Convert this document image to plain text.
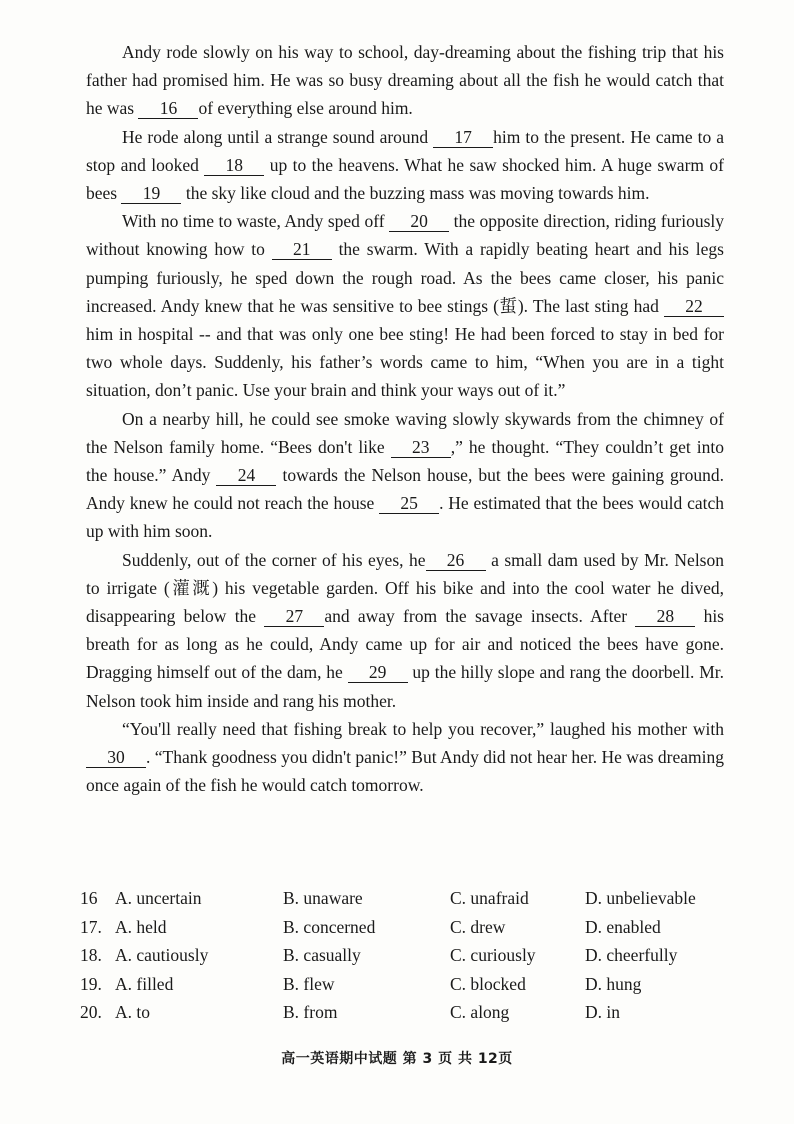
Andy rode slowly on his way to school, day-dreaming about the fishing trip that his father had promised him. He was so busy dreaming about all the fish he would catch that he was 16 of everything else around him.

He rode along until a strange sound around 17 him to the present. He came to a stop and looked 18 up to the heavens. What he saw shocked him. A huge swarm of bees 19 the sky like cloud and the buzzing mass was moving towards him.

With no time to waste, Andy sped off 20 the opposite direction, riding furiously without knowing how to 21 the swarm. With a rapidly beating heart and his legs pumping furiously, he sped down the rough road. As the bees came closer, his panic increased. Andy knew that he was sensitive to bee stings (蜇). The last sting had 22 him in hospital -- and that was only one bee sting! He had been forced to stay in bed for two whole days. Suddenly, his father’s words came to him, “When you are in a tight situation, don’t panic. Use your brain and think your ways out of it.”

On a nearby hill, he could see smoke waving slowly skywards from the chimney of the Nelson family home. “Bees don't like 23 ,” he thought. “They couldn’t get into the house.” Andy 24 towards the Nelson house, but the bees were gaining ground. Andy knew he could not reach the house 25 . He estimated that the bees would catch up with him soon.

Suddenly, out of the corner of his eyes, he 26 a small dam used by Mr. Nelson to irrigate (灌溉) his vegetable garden. Off his bike and into the cool water he dived, disappearing below the 27 and away from the savage insects. After 28 his breath for as long as he could, Andy came up for air and noticed the bees have gone. Dragging himself out of the dam, he 29 up the hilly slope and rang the doorbell. Mr. Nelson took him inside and rang his mother.

“You'll really need that fishing break to help you recover,” laughed his mother with 30 . “Thank goodness you didn't panic!” But Andy did not hear her. He was dreaming once again of the fish he would catch tomorrow.

16 A. uncertain	B. unaware	C. unafraid	D. unbelievable
17. A. held	B. concerned	C. drew	D. enabled
18. A. cautiously	B. casually	C. curiously	D. cheerfully
19. A. filled	B. flew	C. blocked	D. hung
20. A. to	B. from	C. along	D. in
高一英语期中试题 第 3 页 共 12页
